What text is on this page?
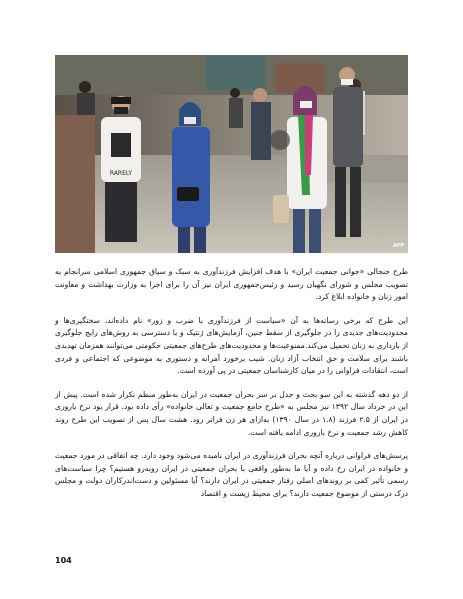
RARELY
AFP

طرح جنجالی «جوانی جمعیت ایران» با هدف افزایش فرزندآوری به سبک و سیاق جمهوری اسلامی سرانجام به تصویب مجلس و شورای نگهبان رسید و رئیس‌جمهوری ایران نیز آن را برای اجرا به وزارت بهداشت و معاونت امور زنان و خانواده ابلاغ کرد.

این طرح که برخی رسانه‌ها به آن «سیاست از فرزندآوری با ضرب و زور» نام داده‌اند، سختگیری‌ها و محدودیت‌های جدیدی را در جلوگیری از سقط جنین، آزمایش‌های ژنتیک و یا دسترسی به روش‌های رایج جلوگیری از بارداری به زنان تحمیل می‌کند.ممنوعیت‌ها و محدودیت‌های طرح‌های جمعیتی حکومتی می‌توانند همزمان تهدیدی باشند برای سلامت و حق انتخاب آزاد زنان. شیب برخورد آمرانه و دستوری به موضوعی که اجتماعی و فردی است، انتقادات فراوانی را در میان کارشناسان جمعیتی در پی آورده است.

از دو دهه گذشته به این سو بحث و جدل بر سر بحران جمعیت در ایران به‌طور منظم تکرار شده است. پیش از این در خرداد سال ۱۳۹۲ نیز مجلس به «طرح جامع جمعیت و تعالی خانواده» رأی داده بود. قرار بود نرخ باروری در ایران از ۲.۵ فرزند (۱.۸ در سال ۱۳۹۰) به‌ازای هر زن فراتر رود. هشت سال پس از تصویب این طرح روند کاهش رشد جمعیت و نرخ باروری ادامه یافته است.

پرسش‌های فراوانی درباره آنچه بحران فرزندآوری در ایران نامیده می‌شود وجود دارد. چه اتفاقی در مورد جمعیت و خانواده در ایران رخ داده و آیا ما به‌طور واقعی با بحران جمعیتی در ایران روبه‌رو هستیم؟ چرا سیاست‌های رسمی تأثیر کمی بر روندهای اصلی رفتار جمعیتی در ایران دارند؟ آیا مسئولین و دست‌اندرکاران دولت و مجلس درک درستی از موضوع جمعیت دارند؟ برای محیط زیست و اقتصاد

104
